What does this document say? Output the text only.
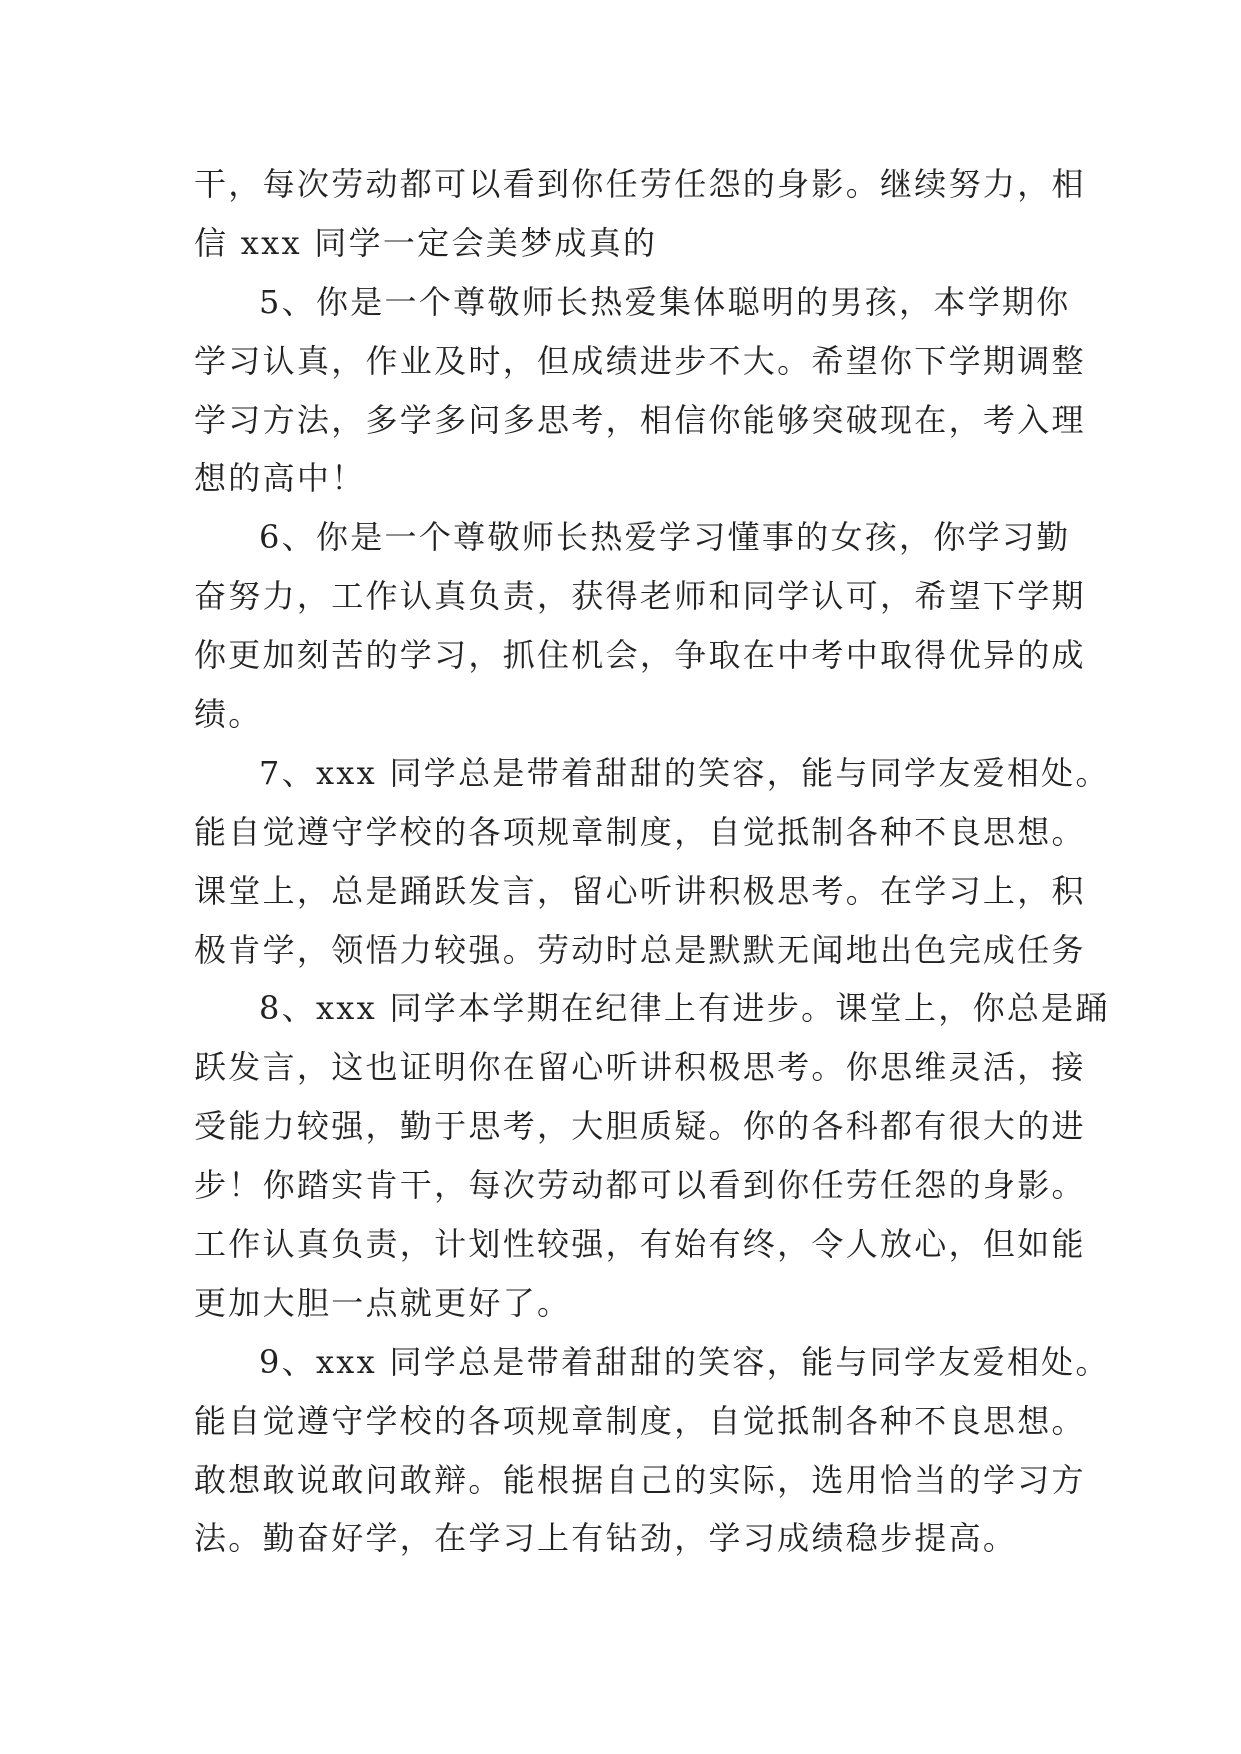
干，每次劳动都可以看到你任劳任怨的身影。继续努力，相
信 xxx 同学一定会美梦成真的
5、你是一个尊敬师长热爱集体聪明的男孩，本学期你
学习认真，作业及时，但成绩进步不大。希望你下学期调整
学习方法，多学多问多思考，相信你能够突破现在，考入理
想的高中！
6、你是一个尊敬师长热爱学习懂事的女孩，你学习勤
奋努力，工作认真负责，获得老师和同学认可，希望下学期
你更加刻苦的学习，抓住机会，争取在中考中取得优异的成
绩。
7、xxx 同学总是带着甜甜的笑容，能与同学友爱相处。
能自觉遵守学校的各项规章制度，自觉抵制各种不良思想。
课堂上，总是踊跃发言，留心听讲积极思考。在学习上，积
极肯学，领悟力较强。劳动时总是默默无闻地出色完成任务
8、xxx 同学本学期在纪律上有进步。课堂上，你总是踊
跃发言，这也证明你在留心听讲积极思考。你思维灵活，接
受能力较强，勤于思考，大胆质疑。你的各科都有很大的进
步！你踏实肯干，每次劳动都可以看到你任劳任怨的身影。
工作认真负责，计划性较强，有始有终，令人放心，但如能
更加大胆一点就更好了。
9、xxx 同学总是带着甜甜的笑容，能与同学友爱相处。
能自觉遵守学校的各项规章制度，自觉抵制各种不良思想。
敢想敢说敢问敢辩。能根据自己的实际，选用恰当的学习方
法。勤奋好学，在学习上有钻劲，学习成绩稳步提高。
